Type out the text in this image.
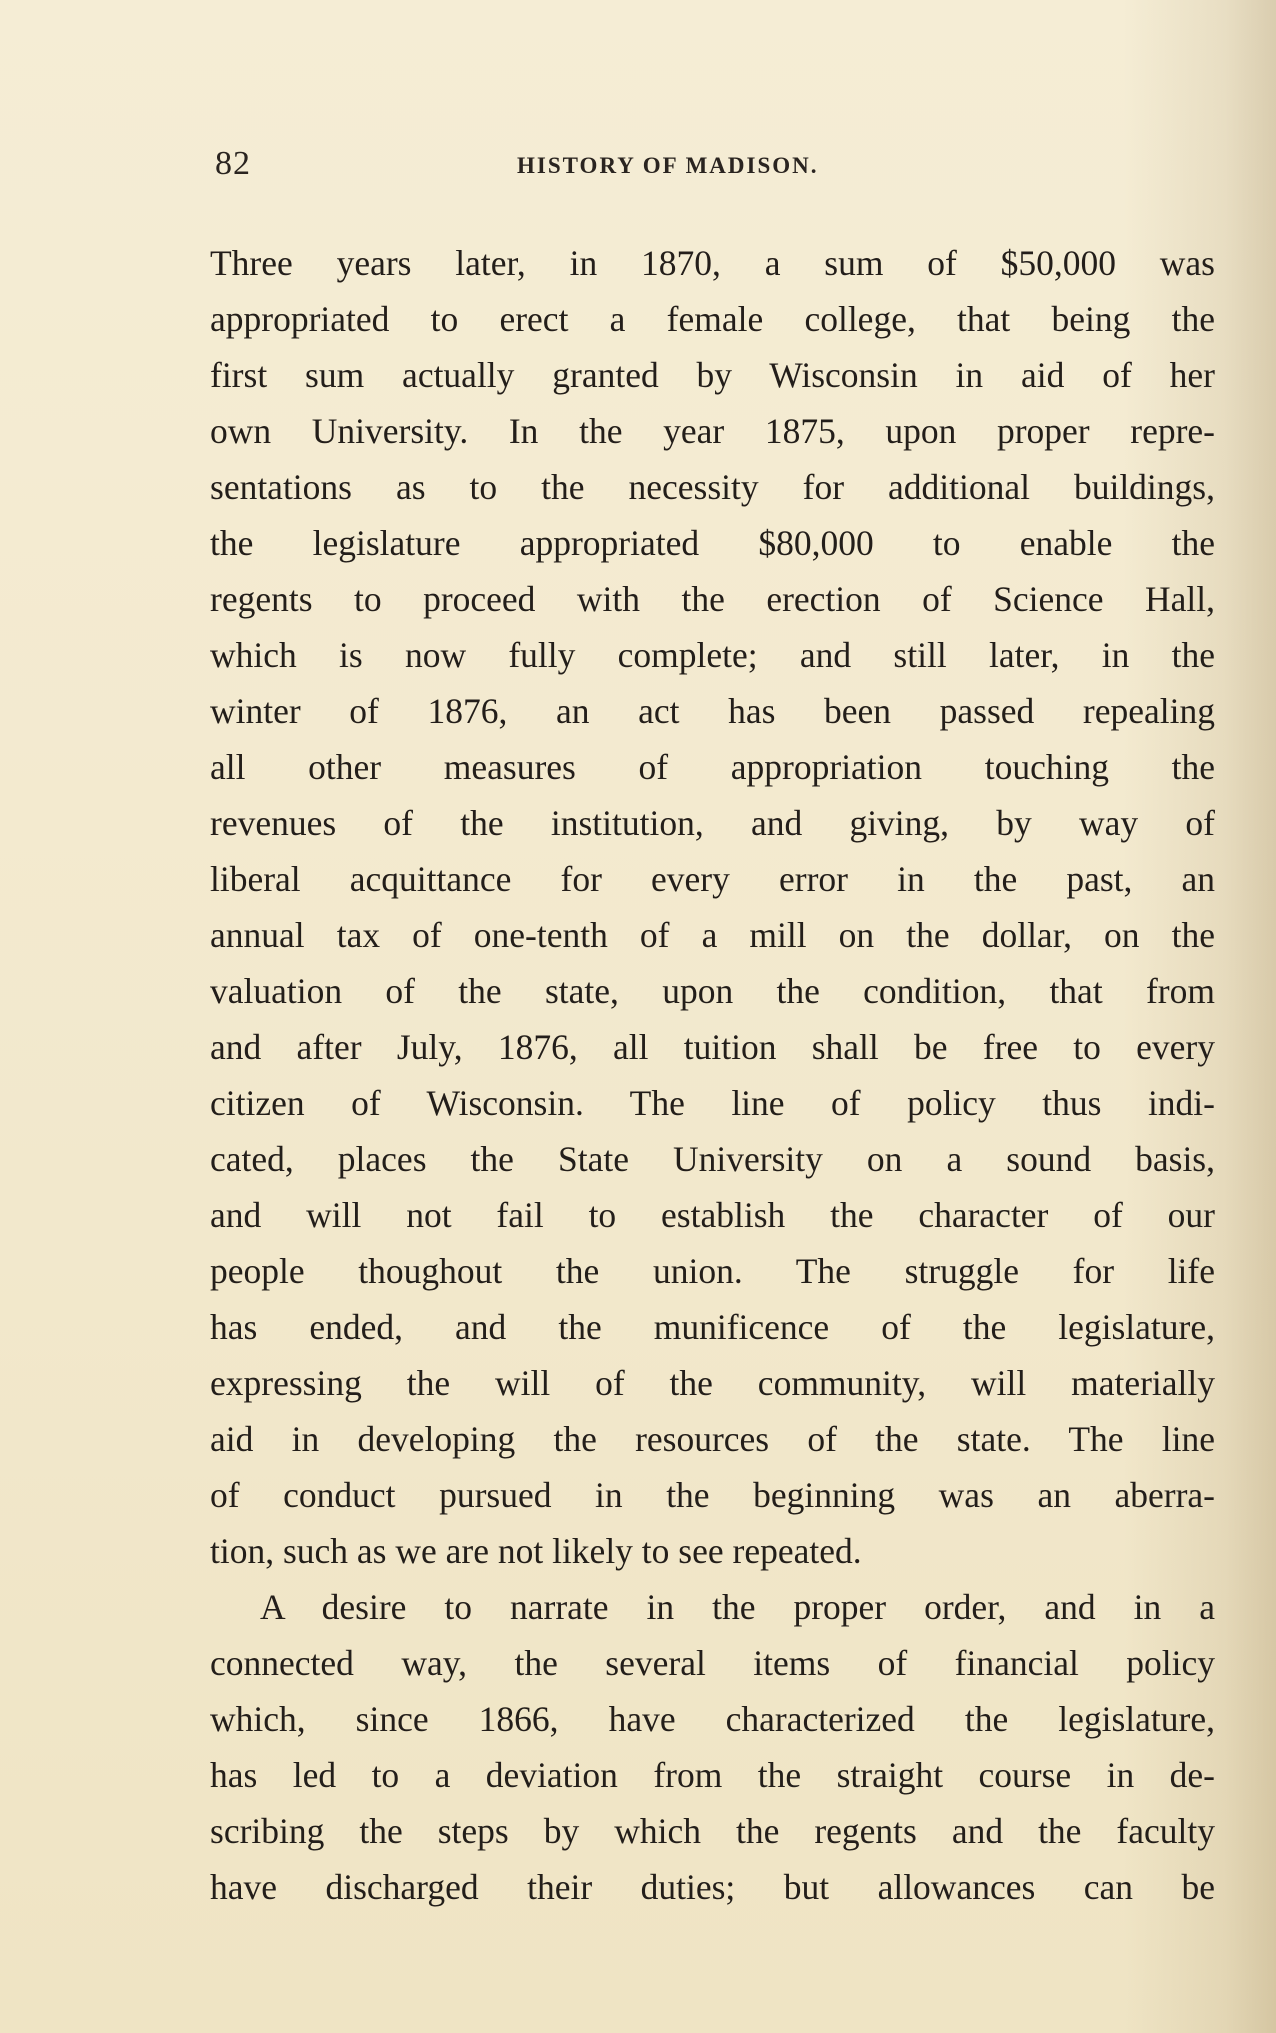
82	HISTORY OF MADISON.
Three years later, in 1870, a sum of $50,000 was
appropriated to erect a female college, that being the
first sum actually granted by Wisconsin in aid of her
own University. In the year 1875, upon proper repre-
sentations as to the necessity for additional buildings,
the legislature appropriated $80,000 to enable the
regents to proceed with the erection of Science Hall,
which is now fully complete; and still later, in the
winter of 1876, an act has been passed repealing
all other measures of appropriation touching the
revenues of the institution, and giving, by way of
liberal acquittance for every error in the past, an
annual tax of one-tenth of a mill on the dollar, on the
valuation of the state, upon the condition, that from
and after July, 1876, all tuition shall be free to every
citizen of Wisconsin. The line of policy thus indi-
cated, places the State University on a sound basis,
and will not fail to establish the character of our
people thoughout the union. The struggle for life
has ended, and the munificence of the legislature,
expressing the will of the community, will materially
aid in developing the resources of the state. The line
of conduct pursued in the beginning was an aberra-
tion, such as we are not likely to see repeated.
A desire to narrate in the proper order, and in a
connected way, the several items of financial policy
which, since 1866, have characterized the legislature,
has led to a deviation from the straight course in de-
scribing the steps by which the regents and the faculty
have discharged their duties; but allowances can be
